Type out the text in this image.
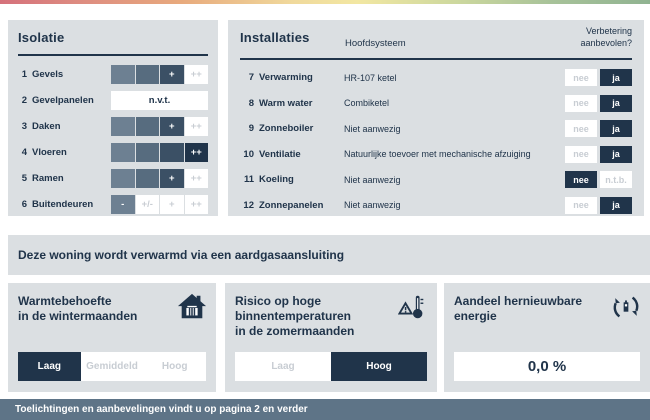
Isolatie
1 Gevels	+	++
2 Gevelpanelen	n.v.t.
3 Daken	+	++
4 Vloeren	++
5 Ramen	+	++
6 Buitendeuren	-	+/-	+	++
Installaties	Hoofdsysteem
Verbetering aanbevolen?
7 Verwarming	HR-107 ketel	nee	ja
8 Warm water	Combiketel	nee	ja
9 Zonneboiler	Niet aanwezig	nee	ja
10 Ventilatie	Natuurlijke toevoer met mechanische afzuiging	nee	ja
11 Koeling	Niet aanwezig	nee	n.t.b.
12 Zonnepanelen	Niet aanwezig	nee	ja
Deze woning wordt verwarmd via een aardgasaansluiting
Warmtebehoefte
in de wintermaanden
Laag	Gemiddeld	Hoog
Risico op hoge
binnentemperaturen
in de zomermaanden
Laag	Hoog
Aandeel hernieuwbare
energie
0,0 %
Toelichtingen en aanbevelingen vindt u op pagina 2 en verder
